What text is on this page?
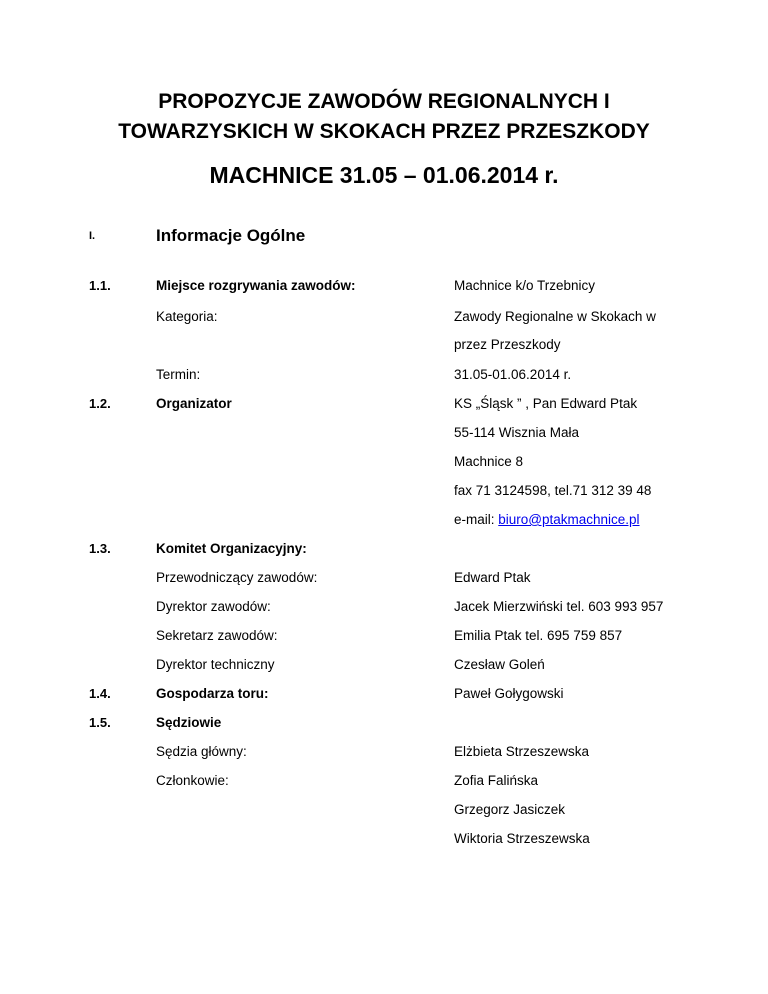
PROPOZYCJE ZAWODÓW REGIONALNYCH I
TOWARZYSKICH W SKOKACH PRZEZ PRZESZKODY
MACHNICE 31.05 – 01.06.2014 r.
I.	Informacje Ogólne
1.1.	Miejsce rozgrywania zawodów:	Machnice k/o Trzebnicy
Kategoria:	Zawody Regionalne w Skokach w
przez Przeszkody
Termin:	31.05-01.06.2014 r.
1.2.	Organizator	KS „Śląsk ” , Pan Edward Ptak
55-114 Wisznia Mała
Machnice 8
fax 71 3124598, tel.71 312 39 48
e-mail: biuro@ptakmachnice.pl
1.3.	Komitet Organizacyjny:
Przewodniczący zawodów:	Edward Ptak
Dyrektor zawodów:	Jacek Mierzwiński tel. 603 993 957
Sekretarz zawodów:	Emilia Ptak tel. 695 759 857
Dyrektor techniczny	Czesław Goleń
1.4.	Gospodarza toru:	Paweł Gołygowski
1.5.	Sędziowie
Sędzia główny:	Elżbieta Strzeszewska
Członkowie:	Zofia Falińska
Grzegorz Jasiczek
Wiktoria Strzeszewska
